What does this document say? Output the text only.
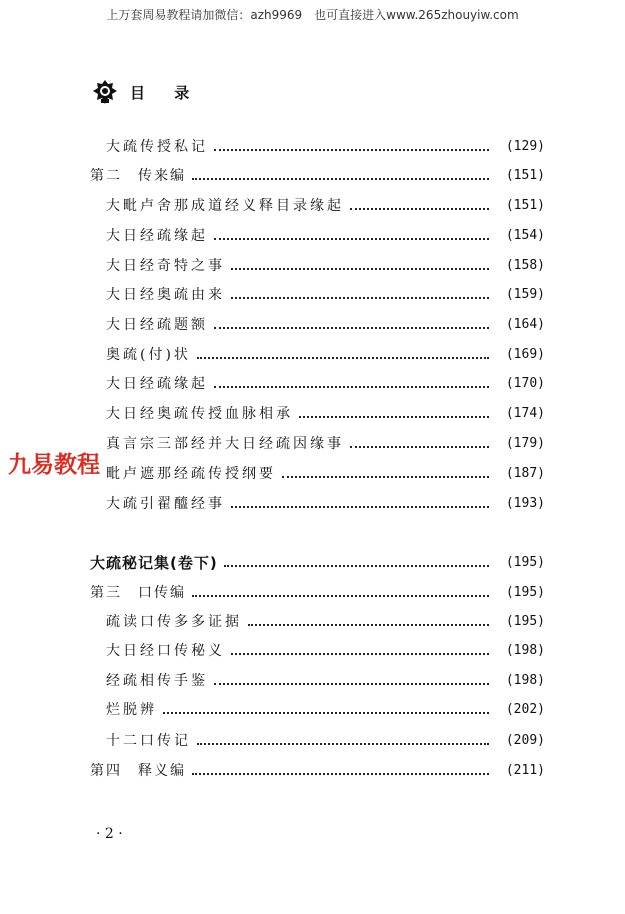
上万套周易教程请加微信：azh9969　也可直接进入www.265zhouyiw.com
九易教程
目 录
大疏传授私记	(129)
第二　传来编	(151)
大毗卢舍那成道经义释目录缘起	(151)
大日经疏缘起	(154)
大日经奇特之事	(158)
大日经奥疏由来	(159)
大日经疏题额	(164)
奥疏(付)状	(169)
大日经疏缘起	(170)
大日经奥疏传授血脉相承	(174)
真言宗三部经并大日经疏因缘事	(179)
毗卢遮那经疏传授纲要	(187)
大疏引翟醯经事	(193)
大疏秘记集(卷下)	(195)
第三　口传编	(195)
疏读口传多多证据	(195)
大日经口传秘义	(198)
经疏相传手鉴	(198)
烂脱辨	(202)
十二口传记	(209)
第四　释义编	(211)
· 2 ·
